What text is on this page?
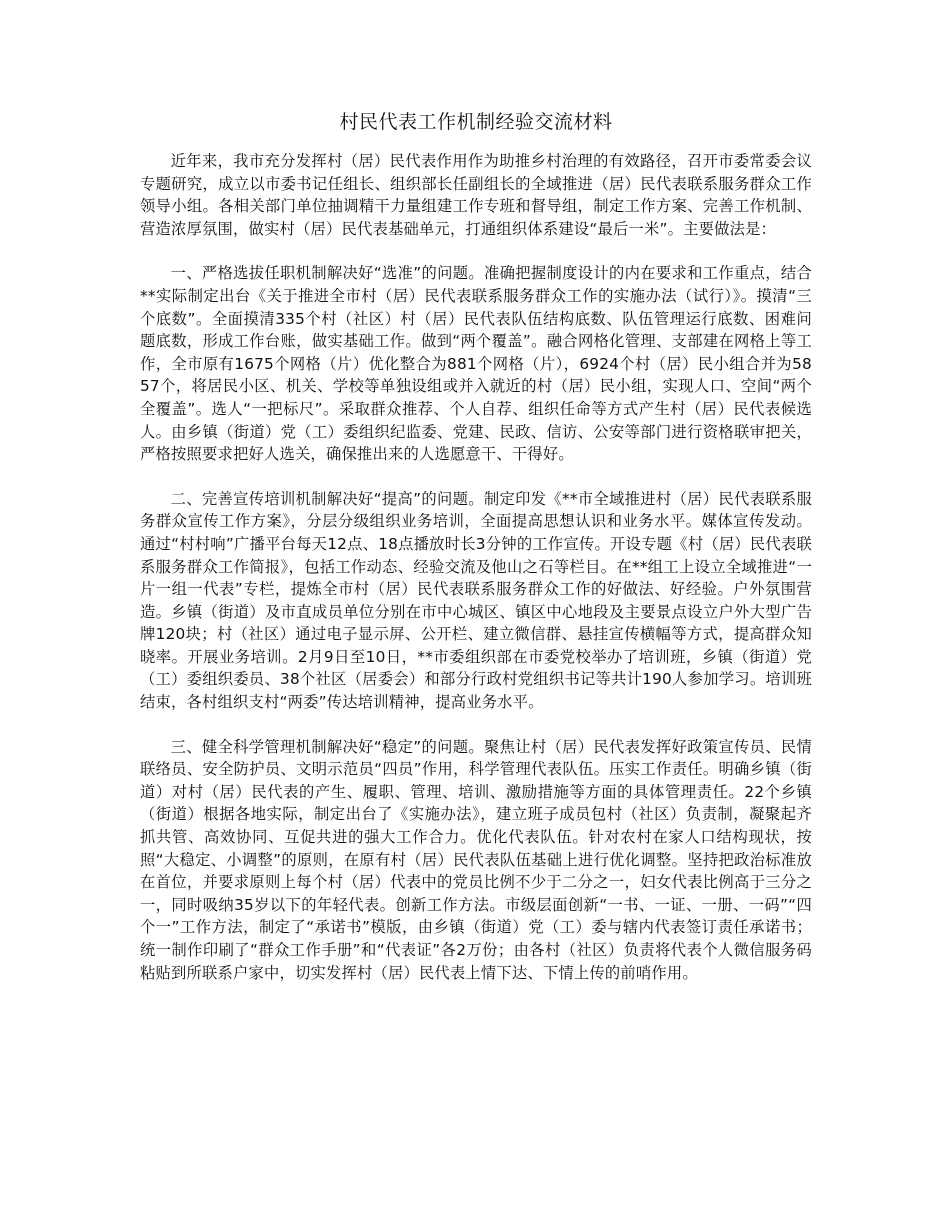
村民代表工作机制经验交流材料

近年来，我市充分发挥村（居）民代表作用作为助推乡村治理的有效路径，召开市委常委会议专题研究，成立以市委书记任组长、组织部长任副组长的全域推进（居）民代表联系服务群众工作领导小组。各相关部门单位抽调精干力量组建工作专班和督导组，制定工作方案、完善工作机制、营造浓厚氛围，做实村（居）民代表基础单元，打通组织体系建设“最后一米”。主要做法是：

一、严格选拔任职机制解决好“选准”的问题。准确把握制度设计的内在要求和工作重点，结合**实际制定出台《关于推进全市村（居）民代表联系服务群众工作的实施办法（试行）》。摸清“三个底数”。全面摸清335个村（社区）村（居）民代表队伍结构底数、队伍管理运行底数、困难问题底数，形成工作台账，做实基础工作。做到“两个覆盖”。融合网格化管理、支部建在网格上等工作，全市原有1675个网格（片）优化整合为881个网格（片），6924个村（居）民小组合并为5857个，将居民小区、机关、学校等单独设组或并入就近的村（居）民小组，实现人口、空间“两个全覆盖”。选人“一把标尺”。采取群众推荐、个人自荐、组织任命等方式产生村（居）民代表候选人。由乡镇（街道）党（工）委组织纪监委、党建、民政、信访、公安等部门进行资格联审把关，严格按照要求把好人选关，确保推出来的人选愿意干、干得好。

二、完善宣传培训机制解决好“提高”的问题。制定印发《**市全域推进村（居）民代表联系服务群众宣传工作方案》，分层分级组织业务培训，全面提高思想认识和业务水平。媒体宣传发动。通过“村村响”广播平台每天12点、18点播放时长3分钟的工作宣传。开设专题《村（居）民代表联系服务群众工作简报》，包括工作动态、经验交流及他山之石等栏目。在**组工上设立全域推进“一片一组一代表”专栏，提炼全市村（居）民代表联系服务群众工作的好做法、好经验。户外氛围营造。乡镇（街道）及市直成员单位分别在市中心城区、镇区中心地段及主要景点设立户外大型广告牌120块；村（社区）通过电子显示屏、公开栏、建立微信群、悬挂宣传横幅等方式，提高群众知晓率。开展业务培训。2月9日至10日，**市委组织部在市委党校举办了培训班，乡镇（街道）党（工）委组织委员、38个社区（居委会）和部分行政村党组织书记等共计190人参加学习。培训班结束，各村组织支村“两委”传达培训精神，提高业务水平。

三、健全科学管理机制解决好“稳定”的问题。聚焦让村（居）民代表发挥好政策宣传员、民情联络员、安全防护员、文明示范员“四员”作用，科学管理代表队伍。压实工作责任。明确乡镇（街道）对村（居）民代表的产生、履职、管理、培训、激励措施等方面的具体管理责任。22个乡镇（街道）根据各地实际，制定出台了《实施办法》，建立班子成员包村（社区）负责制，凝聚起齐抓共管、高效协同、互促共进的强大工作合力。优化代表队伍。针对农村在家人口结构现状，按照“大稳定、小调整”的原则，在原有村（居）民代表队伍基础上进行优化调整。坚持把政治标准放在首位，并要求原则上每个村（居）代表中的党员比例不少于二分之一，妇女代表比例高于三分之一，同时吸纳35岁以下的年轻代表。创新工作方法。市级层面创新“一书、一证、一册、一码”“四个一”工作方法，制定了“承诺书”模版，由乡镇（街道）党（工）委与辖内代表签订责任承诺书；统一制作印刷了“群众工作手册”和“代表证”各2万份；由各村（社区）负责将代表个人微信服务码粘贴到所联系户家中，切实发挥村（居）民代表上情下达、下情上传的前哨作用。
